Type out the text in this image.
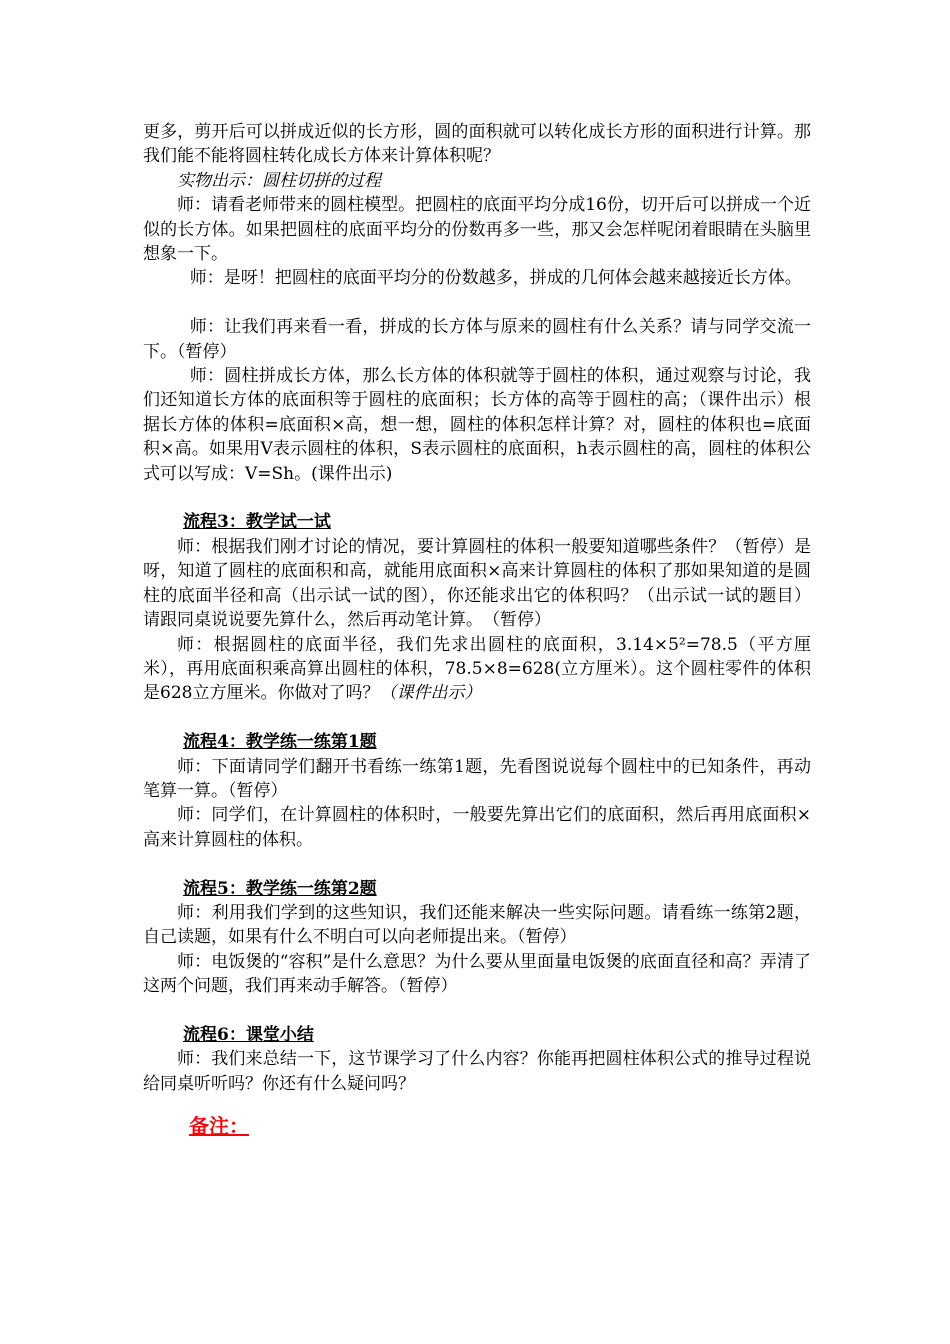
更多，剪开后可以拼成近似的长方形，圆的面积就可以转化成长方形的面积进行计算。那我们能不能将圆柱转化成长方体来计算体积呢？

实物出示：圆柱切拼的过程

师：请看老师带来的圆柱模型。把圆柱的底面平均分成16份，切开后可以拼成一个近似的长方体。如果把圆柱的底面平均分的份数再多一些，那又会怎样呢闭着眼睛在头脑里想象一下。

师：是呀！把圆柱的底面平均分的份数越多，拼成的几何体会越来越接近长方体。

师：让我们再来看一看，拼成的长方体与原来的圆柱有什么关系？请与同学交流一下。（暂停）

师：圆柱拼成长方体，那么长方体的体积就等于圆柱的体积，通过观察与讨论，我们还知道长方体的底面积等于圆柱的底面积；长方体的高等于圆柱的高；（课件出示）根据长方体的体积=底面积×高，想一想，圆柱的体积怎样计算？对，圆柱的体积也=底面积×高。如果用V表示圆柱的体积，S表示圆柱的底面积，h表示圆柱的高，圆柱的体积公式可以写成：V=Sh。(课件出示)

流程3：教学试一试

师：根据我们刚才讨论的情况，要计算圆柱的体积一般要知道哪些条件？（暂停）是呀，知道了圆柱的底面积和高，就能用底面积×高来计算圆柱的体积了那如果知道的是圆柱的底面半径和高（出示试一试的图），你还能求出它的体积吗？（出示试一试的题目）请跟同桌说说要先算什么，然后再动笔计算。　（暂停）

师：根据圆柱的底面半径，我们先求出圆柱的底面积，3.14×5²=78.5（平方厘米），再用底面积乘高算出圆柱的体积，78.5×8=628(立方厘米）。这个圆柱零件的体积是628立方厘米。你做对了吗？（课件出示）

流程4：教学练一练第1题

师：下面请同学们翻开书看练一练第1题，先看图说说每个圆柱中的已知条件，再动笔算一算。（暂停）

师：同学们，在计算圆柱的体积时，一般要先算出它们的底面积，然后再用底面积×高来计算圆柱的体积。

流程5：教学练一练第2题

师：利用我们学到的这些知识，我们还能来解决一些实际问题。请看练一练第2题，自己读题，如果有什么不明白可以向老师提出来。（暂停）

师：电饭煲的“容积”是什么意思？为什么要从里面量电饭煲的底面直径和高？弄清了这两个问题，我们再来动手解答。（暂停）

流程6：课堂小结

师：我们来总结一下，这节课学习了什么内容？你能再把圆柱体积公式的推导过程说给同桌听听吗？你还有什么疑问吗？

备注：
